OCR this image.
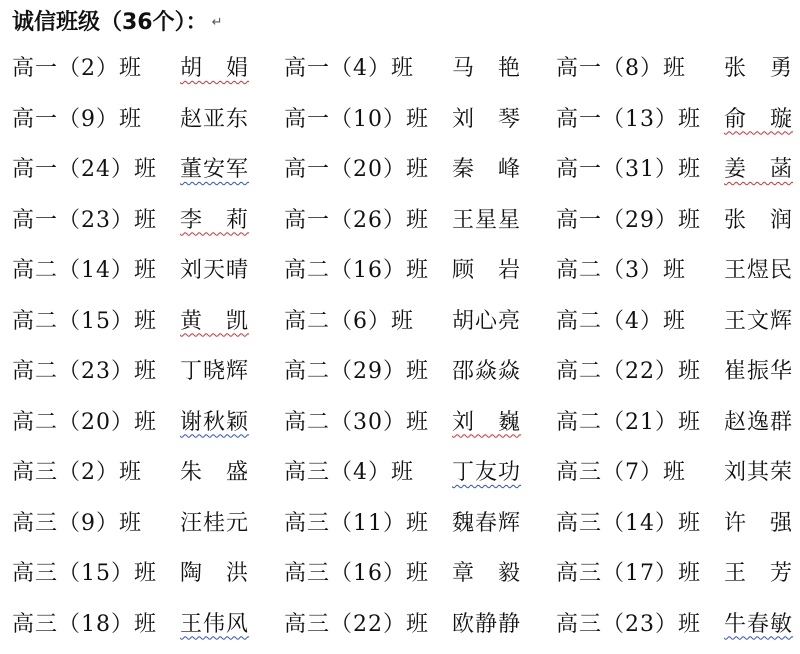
诚信班级（36个）： ↵
高一（2）班 胡　娟 高一（4）班 马　艳 高一（8）班 张　勇
高一（9）班 赵亚东 高一（10）班 刘　琴 高一（13）班 俞　璇
高一（24）班 董安军 高一（20）班 秦　峰 高一（31）班 姜　菡
高一（23）班 李　莉 高一（26）班 王星星 高一（29）班 张　润
高二（14）班 刘天晴 高二（16）班 顾　岩 高二（3）班 王煜民
高二（15）班 黄　凯 高二（6）班 胡心亮 高二（4）班 王文辉
高二（23）班 丁晓辉 高二（29）班 邵焱焱 高二（22）班 崔振华
高二（20）班 谢秋颖 高二（30）班 刘　巍 高二（21）班 赵逸群
高三（2）班 朱　盛 高三（4）班 丁友功 高三（7）班 刘其荣
高三（9）班 汪桂元 高三（11）班 魏春辉 高三（14）班 许　强
高三（15）班 陶　洪 高三（16）班 章　毅 高三（17）班 王　芳
高三（18）班 王伟风 高三（22）班 欧静静 高三（23）班 牛春敏
